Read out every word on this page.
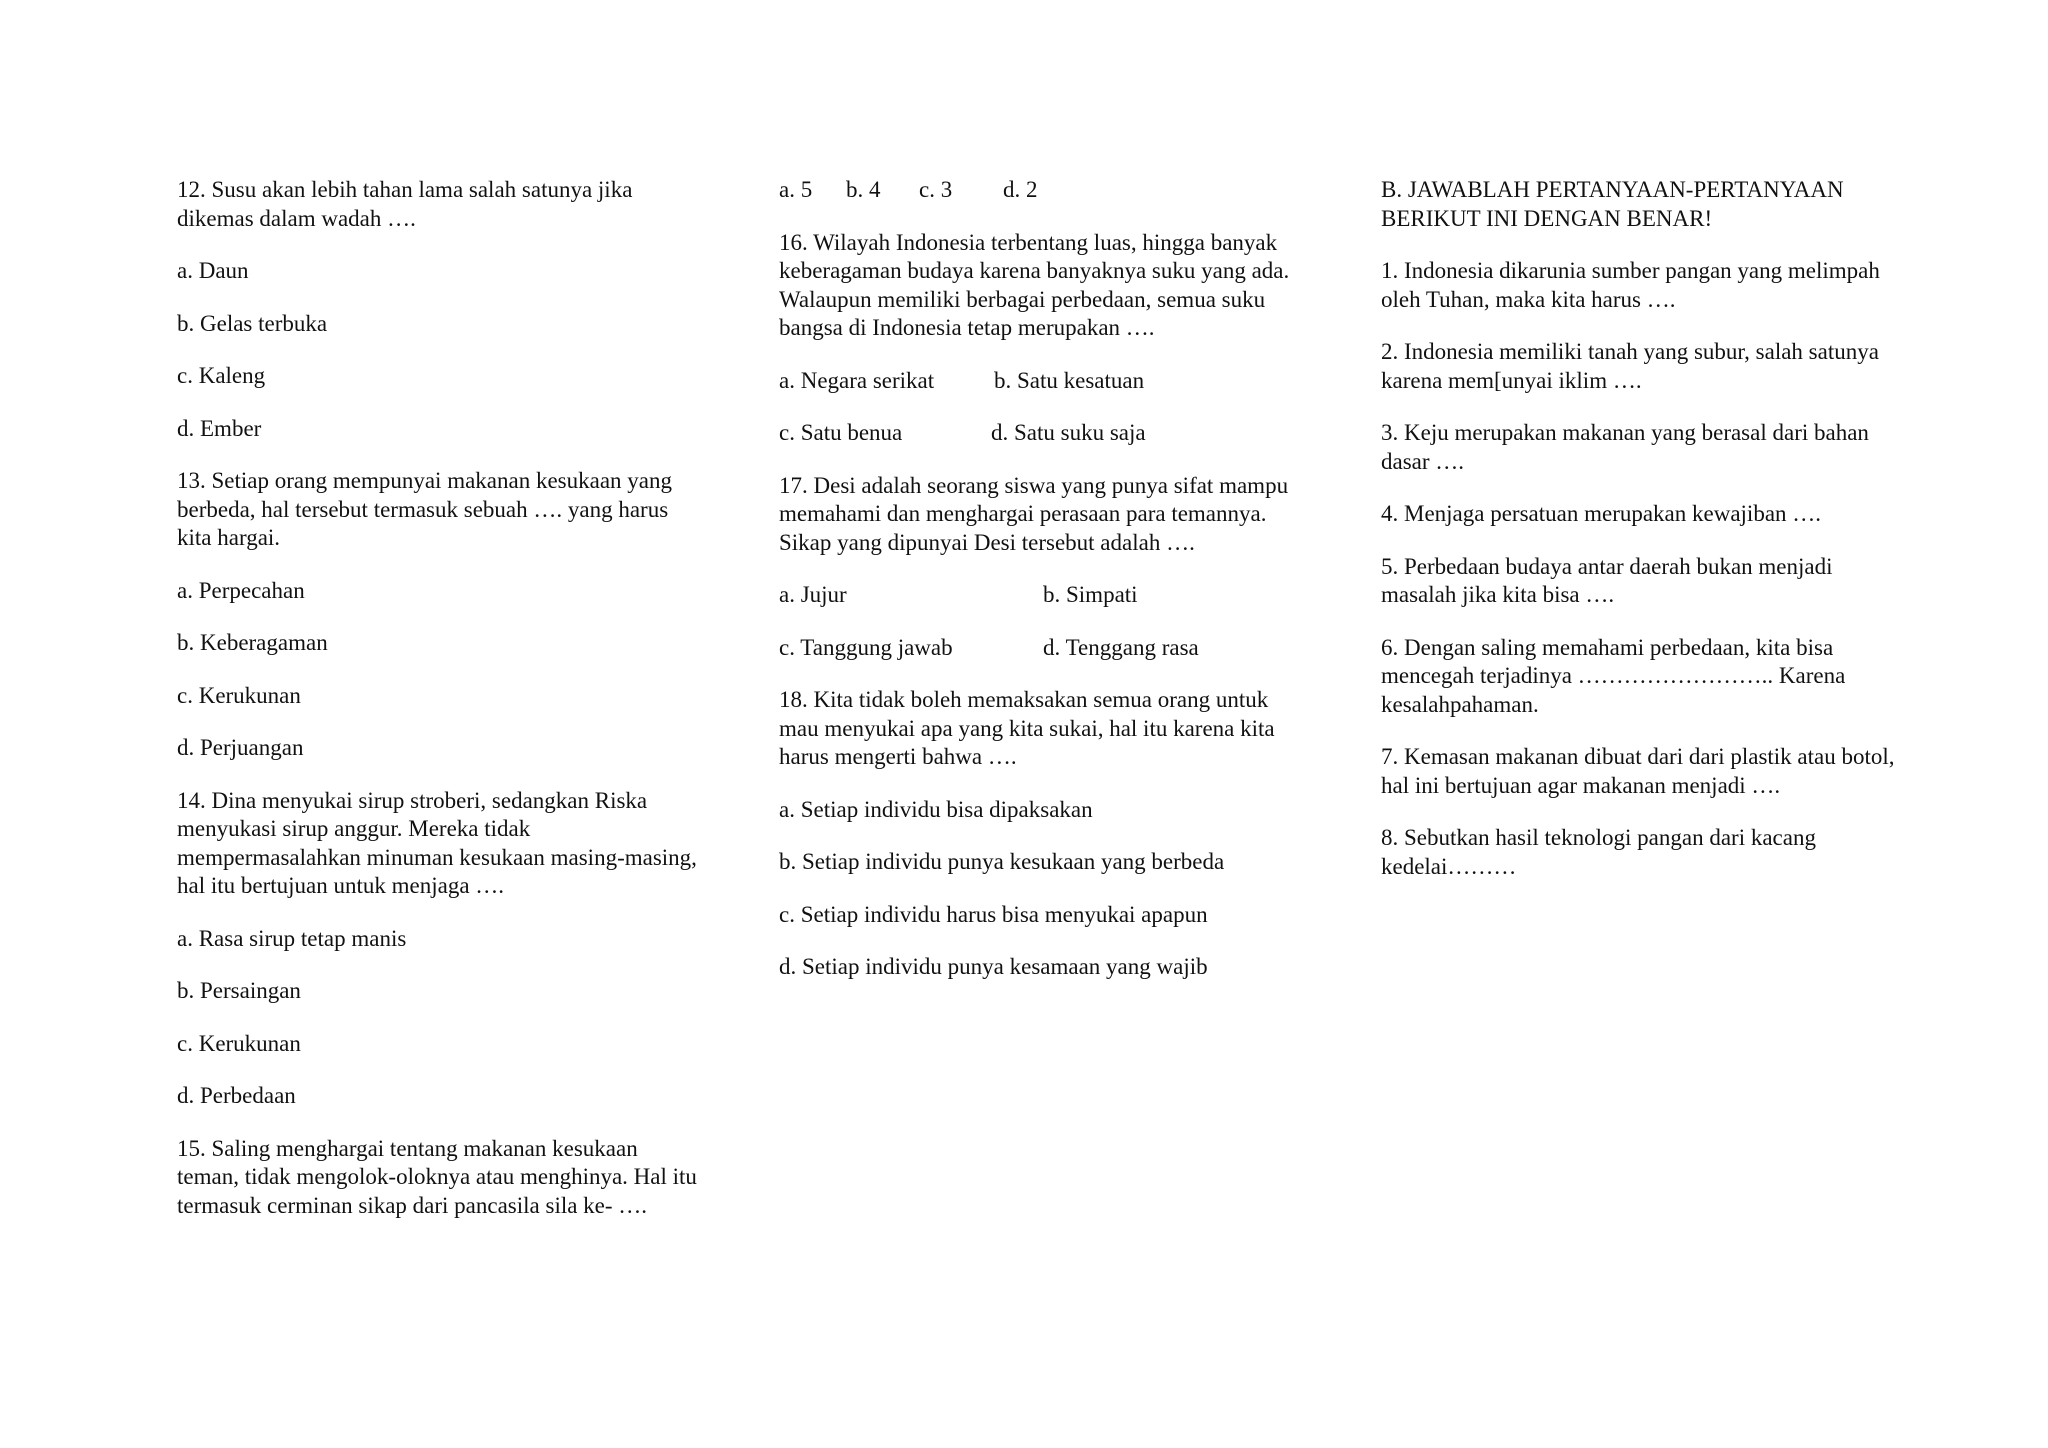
12. Susu akan lebih tahan lama salah satunya jika dikemas dalam wadah ….

a. Daun

b. Gelas terbuka

c. Kaleng

d. Ember

13. Setiap orang mempunyai makanan kesukaan yang berbeda, hal tersebut termasuk sebuah …. yang harus kita hargai.

a. Perpecahan

b. Keberagaman

c. Kerukunan

d. Perjuangan

14. Dina menyukai sirup stroberi, sedangkan Riska menyukasi sirup anggur. Mereka tidak mempermasalahkan minuman kesukaan masing-masing, hal itu bertujuan untuk menjaga ….

a. Rasa sirup tetap manis

b. Persaingan

c. Kerukunan

d. Perbedaan

15. Saling menghargai tentang makanan kesukaan teman, tidak mengolok-oloknya atau menghinya. Hal itu termasuk cerminan sikap dari pancasila sila ke- ….

a. 5 b. 4 c. 3 d. 2

16. Wilayah Indonesia terbentang luas, hingga banyak keberagaman budaya karena banyaknya suku yang ada. Walaupun memiliki berbagai perbedaan, semua suku bangsa di Indonesia tetap merupakan ….

a. Negara serikat	b. Satu kesatuan
c. Satu benua	d. Satu suku saja

17. Desi adalah seorang siswa yang punya sifat mampu memahami dan menghargai perasaan para temannya. Sikap yang dipunyai Desi tersebut adalah ….

a. Jujur	b. Simpati
c. Tanggung jawab	d. Tenggang rasa

18. Kita tidak boleh memaksakan semua orang untuk mau menyukai apa yang kita sukai, hal itu karena kita harus mengerti bahwa ….

a. Setiap individu bisa dipaksakan

b. Setiap individu punya kesukaan yang berbeda

c. Setiap individu harus bisa menyukai apapun

d. Setiap individu punya kesamaan yang wajib

B. JAWABLAH PERTANYAAN-PERTANYAAN BERIKUT INI DENGAN BENAR!

1. Indonesia dikarunia sumber pangan yang melimpah oleh Tuhan, maka kita harus ….

2. Indonesia memiliki tanah yang subur, salah satunya karena mem[unyai iklim ….

3. Keju merupakan makanan yang berasal dari bahan dasar ….

4. Menjaga persatuan merupakan kewajiban ….

5. Perbedaan budaya antar daerah bukan menjadi masalah jika kita bisa ….

6. Dengan saling memahami perbedaan, kita bisa mencegah terjadinya …………………….. Karena kesalahpahaman.

7. Kemasan makanan dibuat dari dari plastik atau botol, hal ini bertujuan agar makanan menjadi ….

8. Sebutkan hasil teknologi pangan dari kacang kedelai………
